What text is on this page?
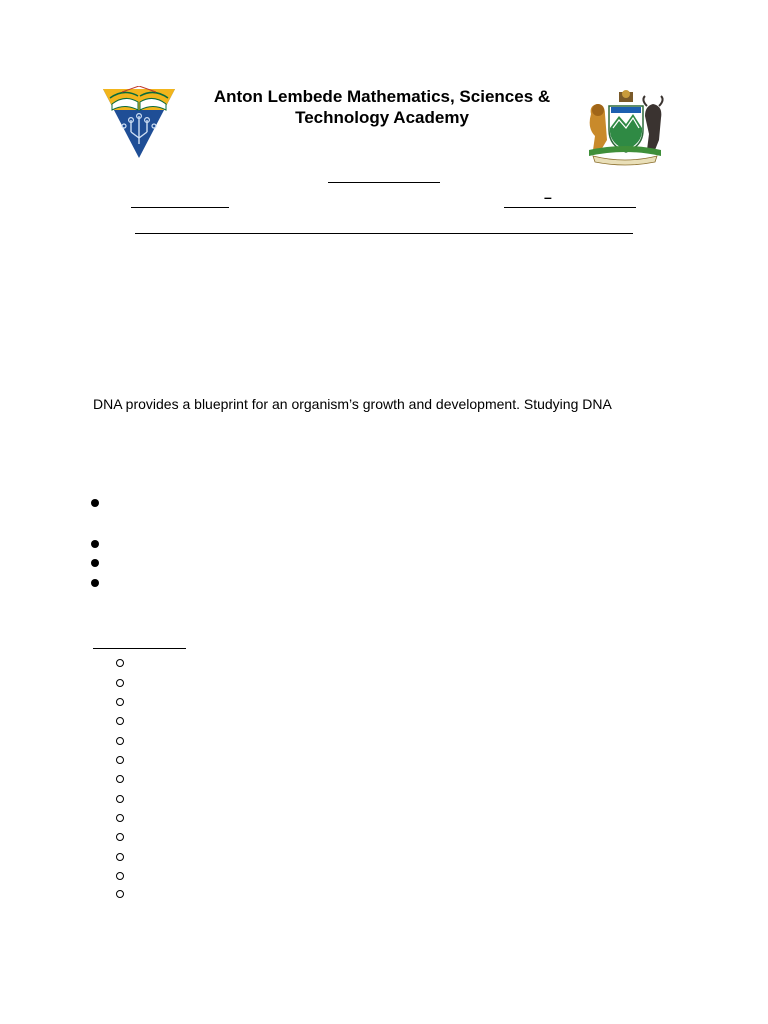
Anton Lembede Mathematics, Sciences & Technology Academy
–
DNA provides a blueprint for an organism’s growth and development. Studying DNA
